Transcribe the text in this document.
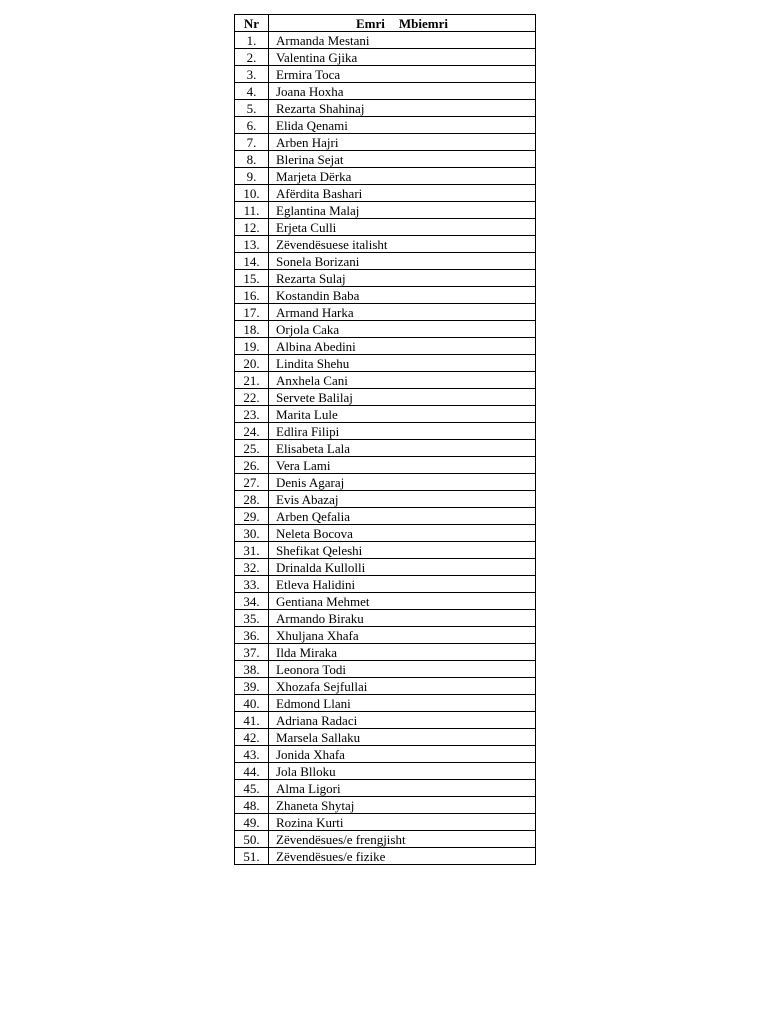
Nr	Emri Mbiemri
1.	Armanda Mestani
2.	Valentina Gjika
3.	Ermira Toca
4.	Joana Hoxha
5.	Rezarta Shahinaj
6.	Elida Qenami
7.	Arben Hajri
8.	Blerina Sejat
9.	Marjeta Dërka
10.	Afërdita Bashari
11.	Eglantina Malaj
12.	Erjeta Culli
13.	Zëvendësuese italisht
14.	Sonela Borizani
15.	Rezarta Sulaj
16.	Kostandin Baba
17.	Armand Harka
18.	Orjola Caka
19.	Albina Abedini
20.	Lindita Shehu
21.	Anxhela Cani
22.	Servete Balilaj
23.	Marita Lule
24.	Edlira Filipi
25.	Elisabeta Lala
26.	Vera Lami
27.	Denis Agaraj
28.	Evis Abazaj
29.	Arben Qefalia
30.	Neleta Bocova
31.	Shefikat Qeleshi
32.	Drinalda Kullolli
33.	Etleva Halidini
34.	Gentiana Mehmet
35.	Armando Biraku
36.	Xhuljana Xhafa
37.	Ilda Miraka
38.	Leonora Todi
39.	Xhozafa Sejfullai
40.	Edmond Llani
41.	Adriana Radaci
42.	Marsela Sallaku
43.	Jonida Xhafa
44.	Jola Blloku
45.	Alma Ligori
48.	Zhaneta Shytaj
49.	Rozina Kurti
50.	Zëvendësues/e frengjisht
51.	Zëvendësues/e fizike
